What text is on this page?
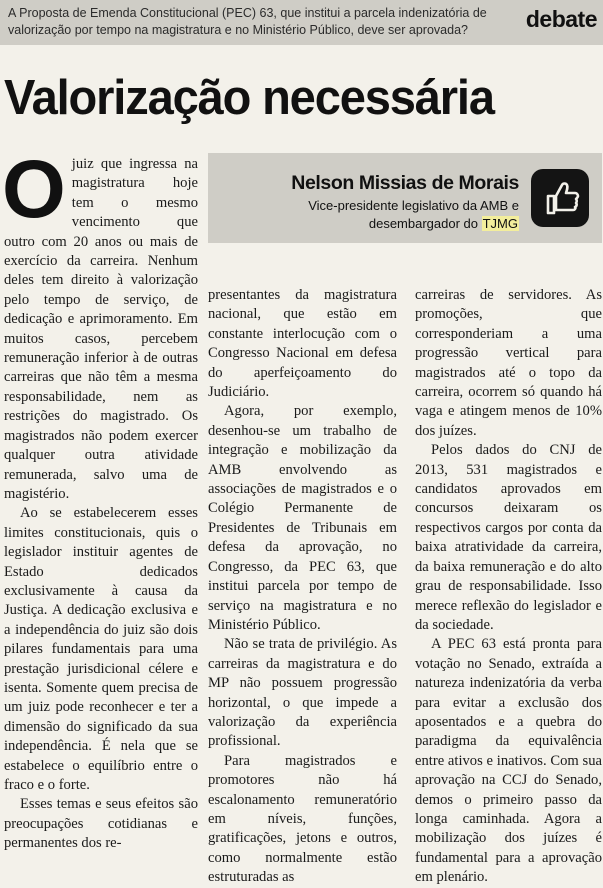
A Proposta de Emenda Constitucional (PEC) 63, que institui a parcela indenizatória de valorização por tempo na magistratura e no Ministério Público, deve ser aprovada?	debate
Valorização necessária
Nelson Missias de Morais
Vice-presidente legislativo da AMB e
desembargador do TJMG

Ojuiz que ingressa na magistratura hoje tem o mesmo vencimento que outro com 20 anos ou mais de exercício da carreira. Nenhum deles tem direito à valorização pelo tempo de serviço, de dedicação e aprimoramento. Em muitos casos, percebem remuneração inferior à de outras carreiras que não têm a mesma responsabilidade, nem as restrições do magistrado. Os magistrados não podem exercer qualquer outra atividade remunerada, salvo uma de magistério.

Ao se estabelecerem esses limites constitucionais, quis o legislador instituir agentes de Estado dedicados exclusivamente à causa da Justiça. A dedicação exclusiva e a independência do juiz são dois pilares fundamentais para uma prestação jurisdicional célere e isenta. Somente quem precisa de um juiz pode reconhecer e ter a dimensão do significado da sua independência. É nela que se estabelece o equilíbrio entre o fraco e o forte.

Esses temas e seus efeitos são preocupações cotidianas e permanentes dos re-

presentantes da magistratura nacional, que estão em constante interlocução com o Congresso Nacional em defesa do aperfeiçoamento do Judiciário.

Agora, por exemplo, desenhou-se um trabalho de integração e mobilização da AMB envolvendo as associações de magistrados e o Colégio Permanente de Presidentes de Tribunais em defesa da aprovação, no Congresso, da PEC 63, que institui parcela por tempo de serviço na magistratura e no Ministério Público.

Não se trata de privilégio. As carreiras da magistratura e do MP não possuem progressão horizontal, o que impede a valorização da experiência profissional.

Para magistrados e promotores não há escalonamento remuneratório em níveis, funções, gratificações, jetons e outros, como normalmente estão estruturadas as

carreiras de servidores. As promoções, que corresponderiam a uma progressão vertical para magistrados até o topo da carreira, ocorrem só quando há vaga e atingem menos de 10% dos juízes.

Pelos dados do CNJ de 2013, 531 magistrados e candidatos aprovados em concursos deixaram os respectivos cargos por conta da baixa atratividade da carreira, da baixa remuneração e do alto grau de responsabilidade. Isso merece reflexão do legislador e da sociedade.

A PEC 63 está pronta para votação no Senado, extraída a natureza indenizatória da verba para evitar a exclusão dos aposentados e a quebra do paradigma da equivalência entre ativos e inativos. Com sua aprovação na CCJ do Senado, demos o primeiro passo da longa caminhada. Agora a mobilização dos juízes é fundamental para a aprovação em plenário.
